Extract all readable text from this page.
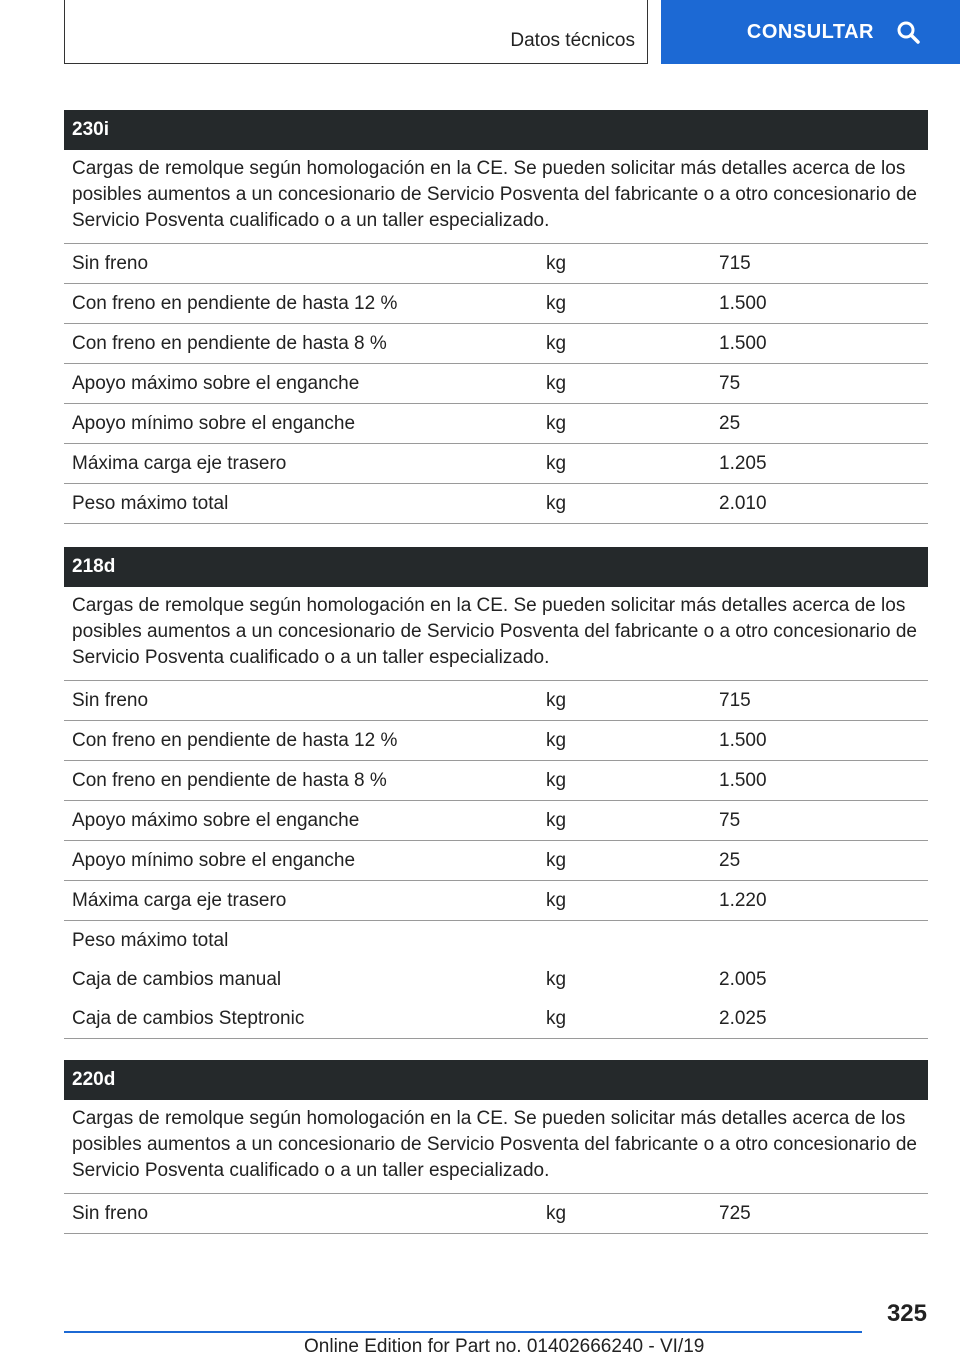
Datos técnicos	CONSULTAR
230i
Cargas de remolque según homologación en la CE. Se pueden solicitar más detalles acerca de los posibles aumentos a un concesionario de Servicio Posventa del fabricante o a otro concesionario de Servicio Posventa cualificado o a un taller especializado.
Sin freno	kg	715
Con freno en pendiente de hasta 12 %	kg	1.500
Con freno en pendiente de hasta 8 %	kg	1.500
Apoyo máximo sobre el enganche	kg	75
Apoyo mínimo sobre el enganche	kg	25
Máxima carga eje trasero	kg	1.205
Peso máximo total	kg	2.010
218d
Cargas de remolque según homologación en la CE. Se pueden solicitar más detalles acerca de los posibles aumentos a un concesionario de Servicio Posventa del fabricante o a otro concesionario de Servicio Posventa cualificado o a un taller especializado.
Sin freno	kg	715
Con freno en pendiente de hasta 12 %	kg	1.500
Con freno en pendiente de hasta 8 %	kg	1.500
Apoyo máximo sobre el enganche	kg	75
Apoyo mínimo sobre el enganche	kg	25
Máxima carga eje trasero	kg	1.220
Peso máximo total
Caja de cambios manual	kg	2.005
Caja de cambios Steptronic	kg	2.025
220d
Cargas de remolque según homologación en la CE. Se pueden solicitar más detalles acerca de los posibles aumentos a un concesionario de Servicio Posventa del fabricante o a otro concesionario de Servicio Posventa cualificado o a un taller especializado.
Sin freno	kg	725
325
Online Edition for Part no. 01402666240 - VI/19
